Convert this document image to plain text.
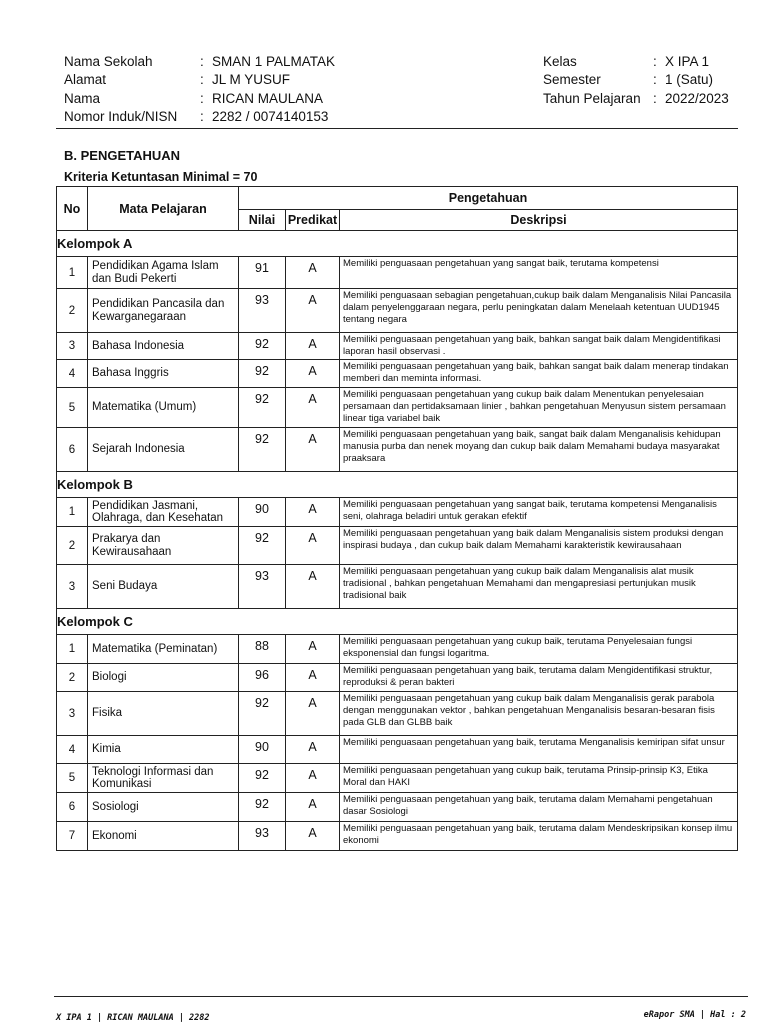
Nama Sekolah	: SMAN 1 PALMATAK
Alamat	: JL M YUSUF
Nama	: RICAN MAULANA
Nomor Induk/NISN	: 2282 / 0074140153
Kelas	: X IPA 1
Semester	: 1 (Satu)
Tahun Pelajaran : 2022/2023
B. PENGETAHUAN
Kriteria Ketuntasan Minimal = 70
No	Mata Pelajaran	Pengetahuan		
		Nilai	Predikat	Deskripsi
Kelompok A				
1	Pendidikan Agama Islam dan Budi Pekerti	91	A	Memiliki penguasaan pengetahuan yang sangat baik, terutama kompetensi
2	Pendidikan Pancasila dan Kewarganegaraan	93	A	Memiliki penguasaan sebagian pengetahuan,cukup baik dalam Menganalisis Nilai Pancasila dalam penyelenggaraan negara, perlu peningkatan dalam Menelaah ketentuan UUD1945 tentang negara
3	Bahasa Indonesia	92	A	Memiliki penguasaan pengetahuan yang baik, bahkan sangat baik dalam Mengidentifikasi laporan hasil observasi .
4	Bahasa Inggris	92	A	Memiliki penguasaan pengetahuan yang baik, bahkan sangat baik dalam menerap tindakan memberi dan meminta informasi.
5	Matematika (Umum)	92	A	Memiliki penguasaan pengetahuan yang cukup baik dalam Menentukan penyelesaian persamaan dan pertidaksamaan linier , bahkan pengetahuan Menyusun sistem persamaan linear tiga variabel baik
6	Sejarah Indonesia	92	A	Memiliki penguasaan pengetahuan yang baik, sangat baik dalam Menganalisis kehidupan manusia purba dan nenek moyang dan cukup baik dalam Memahami budaya masyarakat praaksara
Kelompok B				
1	Pendidikan Jasmani, Olahraga, dan Kesehatan	90	A	Memiliki penguasaan pengetahuan yang sangat baik, terutama kompetensi Menganalisis seni, olahraga beladiri untuk gerakan efektif
2	Prakarya dan Kewirausahaan	92	A	Memiliki penguasaan pengetahuan yang baik dalam Menganalisis sistem produksi dengan inspirasi budaya , dan cukup baik dalam Memahami karakteristik kewirausahaan
3	Seni Budaya	93	A	Memiliki penguasaan pengetahuan yang cukup baik dalam Menganalisis alat musik tradisional , bahkan pengetahuan Memahami dan mengapresiasi pertunjukan musik tradisional baik
Kelompok C				
1	Matematika (Peminatan)	88	A	Memiliki penguasaan pengetahuan yang cukup baik, terutama Penyelesaian fungsi eksponensial dan fungsi logaritma.
2	Biologi	96	A	Memiliki penguasaan pengetahuan yang baik, terutama dalam Mengidentifikasi struktur, reproduksi & peran bakteri
3	Fisika	92	A	Memiliki penguasaan pengetahuan yang cukup baik dalam Menganalisis gerak parabola dengan menggunakan vektor , bahkan pengetahuan Menganalisis besaran-besaran fisis pada GLB dan GLBB baik
4	Kimia	90	A	Memiliki penguasaan pengetahuan yang baik, terutama Menganalisis kemiripan sifat unsur
5	Teknologi Informasi dan Komunikasi	92	A	Memiliki penguasaan pengetahuan yang cukup baik, terutama Prinsip-prinsip K3, Etika Moral dan HAKI
6	Sosiologi	92	A	Memiliki penguasaan pengetahuan yang baik, terutama dalam Memahami pengetahuan dasar Sosiologi
7	Ekonomi	93	A	Memiliki penguasaan pengetahuan yang baik, terutama dalam Mendeskripsikan konsep ilmu ekonomi
X IPA 1 | RICAN MAULANA | 2282	eRapor SMA | Hal : 2
